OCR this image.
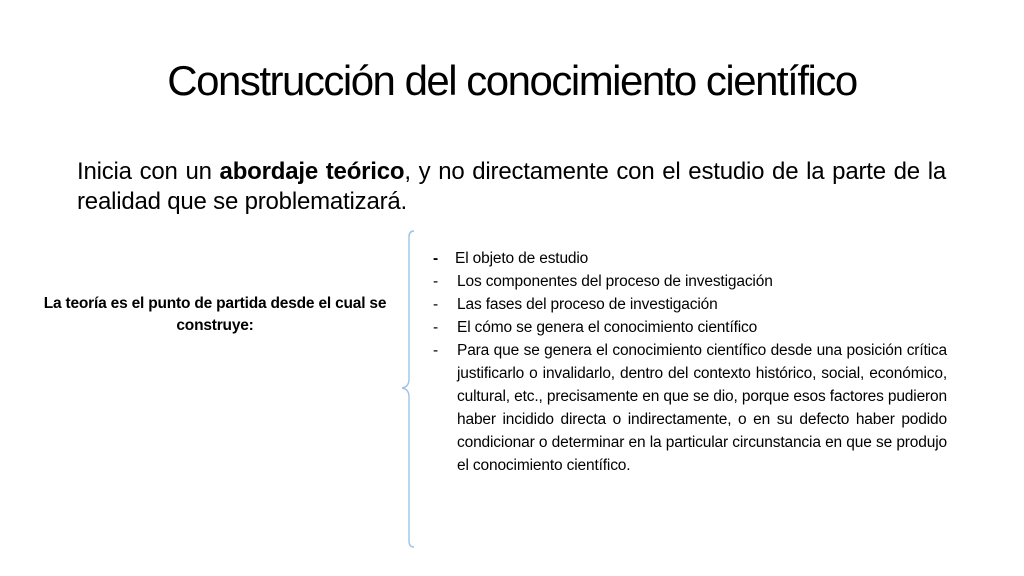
Construcción del conocimiento científico

Inicia con un abordaje teórico, y no directamente con el estudio de la parte de la realidad que se problematizará.

La teoría es el punto de partida desde el cual se construye:
-	El objeto de estudio
-	Los componentes del proceso de investigación
-	Las fases del proceso de investigación
-	El cómo se genera el conocimiento científico
-	Para que se genera el conocimiento científico desde una posición crítica justificarlo o invalidarlo, dentro del contexto histórico, social, económico, cultural, etc., precisamente en que se dio, porque esos factores pudieron haber incidido directa o indirectamente, o en su defecto haber podido condicionar o determinar en la particular circunstancia en que se produjo el conocimiento científico.
